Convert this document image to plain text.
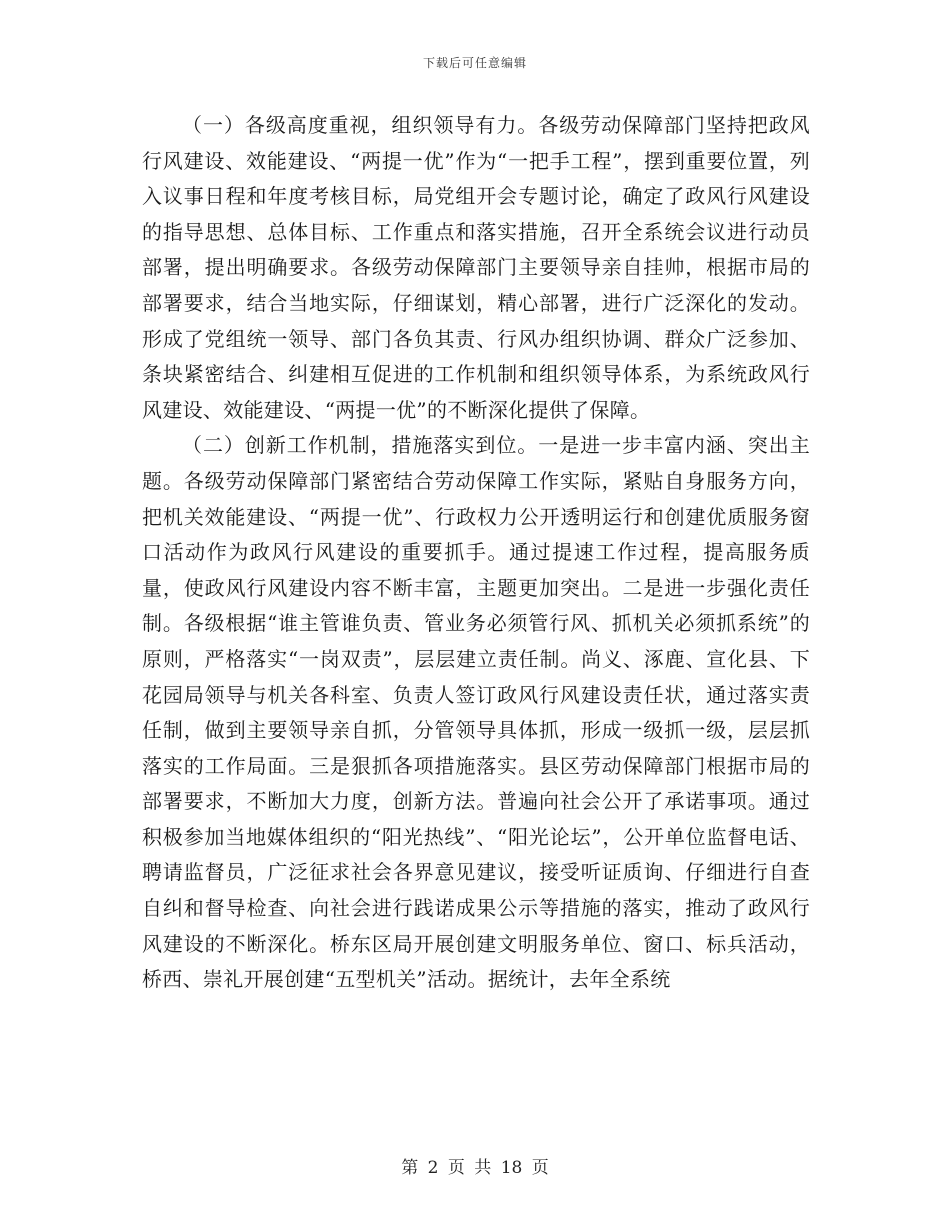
下载后可任意编辑

（一）各级高度重视，组织领导有力。各级劳动保障部门坚持把政风行风建设、效能建设、“两提一优”作为“一把手工程”，摆到重要位置，列入议事日程和年度考核目标，局党组开会专题讨论，确定了政风行风建设的指导思想、总体目标、工作重点和落实措施，召开全系统会议进行动员部署，提出明确要求。各级劳动保障部门主要领导亲自挂帅，根据市局的部署要求，结合当地实际，仔细谋划，精心部署，进行广泛深化的发动。形成了党组统一领导、部门各负其责、行风办组织协调、群众广泛参加、条块紧密结合、纠建相互促进的工作机制和组织领导体系，为系统政风行风建设、效能建设、“两提一优”的不断深化提供了保障。

（二）创新工作机制，措施落实到位。一是进一步丰富内涵、突出主题。各级劳动保障部门紧密结合劳动保障工作实际，紧贴自身服务方向，把机关效能建设、“两提一优”、行政权力公开透明运行和创建优质服务窗口活动作为政风行风建设的重要抓手。通过提速工作过程，提高服务质量，使政风行风建设内容不断丰富，主题更加突出。二是进一步强化责任制。各级根据“谁主管谁负责、管业务必须管行风、抓机关必须抓系统”的原则，严格落实“一岗双责”，层层建立责任制。尚义、涿鹿、宣化县、下花园局领导与机关各科室、负责人签订政风行风建设责任状，通过落实责任制，做到主要领导亲自抓，分管领导具体抓，形成一级抓一级，层层抓落实的工作局面。三是狠抓各项措施落实。县区劳动保障部门根据市局的部署要求，不断加大力度，创新方法。普遍向社会公开了承诺事项。通过积极参加当地媒体组织的“阳光热线”、“阳光论坛”，公开单位监督电话、聘请监督员，广泛征求社会各界意见建议，接受听证质询、仔细进行自查自纠和督导检查、向社会进行践诺成果公示等措施的落实，推动了政风行风建设的不断深化。桥东区局开展创建文明服务单位、窗口、标兵活动，桥西、崇礼开展创建“五型机关”活动。据统计，去年全系统

第 2 页 共 18 页
